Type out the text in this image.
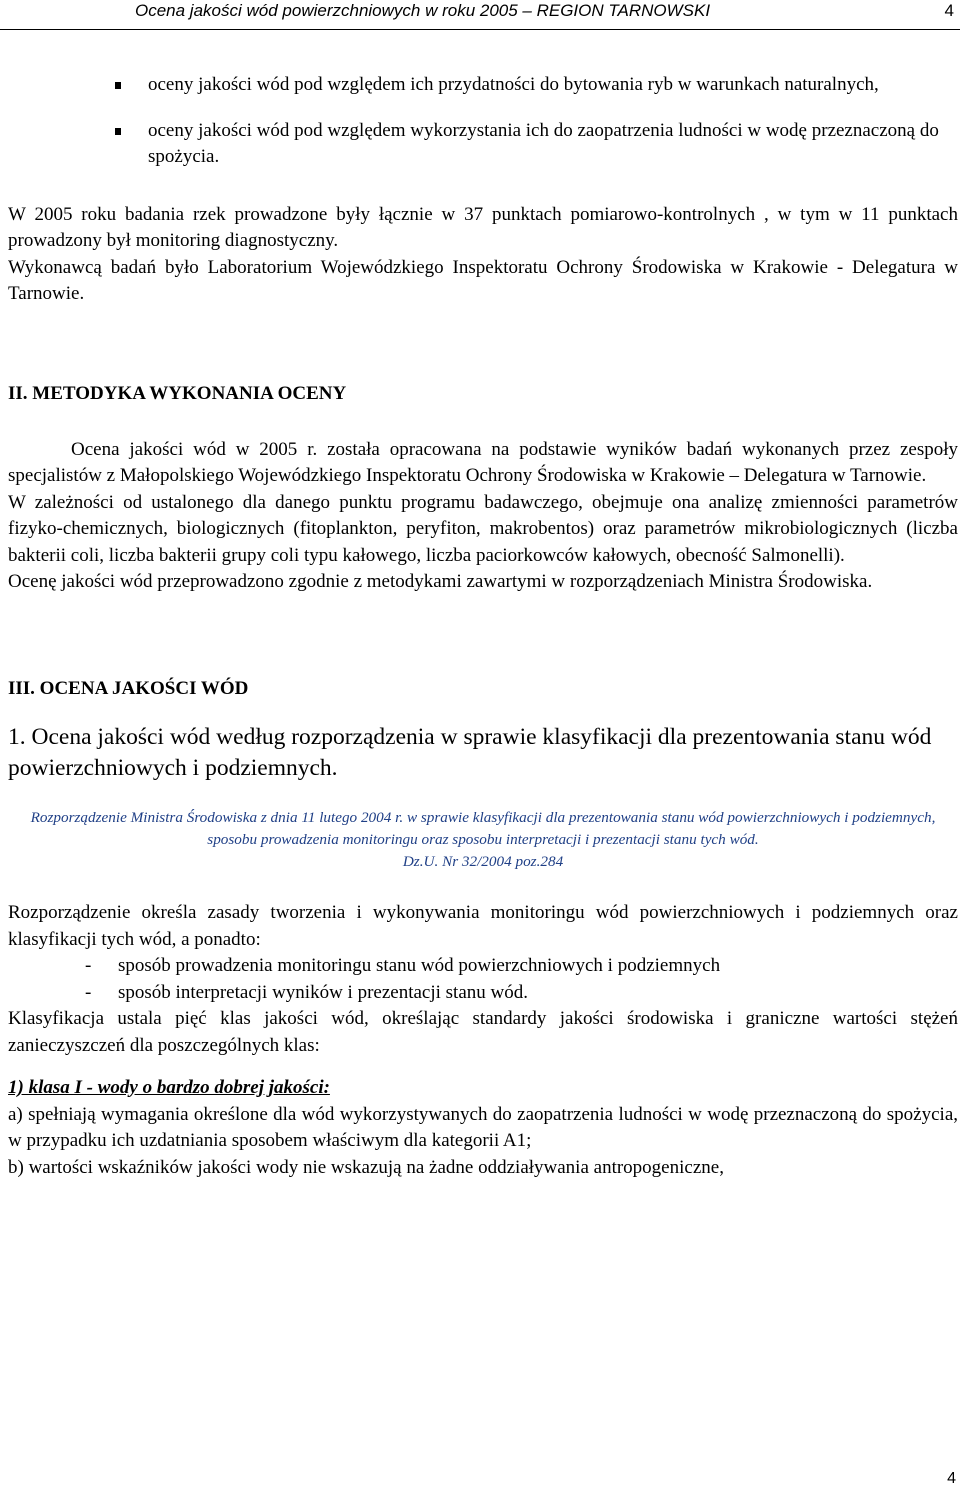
Ocena jakości wód powierzchniowych w roku 2005 – REGION TARNOWSKI	4
oceny jakości wód pod względem ich przydatności do bytowania ryb w warunkach naturalnych,
oceny jakości wód pod względem wykorzystania ich do zaopatrzenia ludności w wodę przeznaczoną do spożycia.

W 2005 roku badania rzek prowadzone były łącznie w 37 punktach pomiarowo-kontrolnych , w tym w 11 punktach prowadzony był monitoring diagnostyczny.

Wykonawcą badań było Laboratorium Wojewódzkiego Inspektoratu Ochrony Środowiska w Krakowie - Delegatura w Tarnowie.

II. METODYKA WYKONANIA OCENY

Ocena jakości wód w 2005 r. została opracowana na podstawie wyników badań wykonanych przez zespoły specjalistów z Małopolskiego Wojewódzkiego Inspektoratu Ochrony Środowiska w Krakowie – Delegatura w Tarnowie.

W zależności od ustalonego dla danego punktu programu badawczego, obejmuje ona analizę zmienności parametrów fizyko-chemicznych, biologicznych (fitoplankton, peryfiton, makrobentos) oraz parametrów mikrobiologicznych (liczba bakterii coli, liczba bakterii grupy coli typu kałowego, liczba paciorkowców kałowych, obecność Salmonelli).

Ocenę jakości wód przeprowadzono zgodnie z metodykami zawartymi w rozporządzeniach Ministra Środowiska.

III. OCENA JAKOŚCI WÓD
1. Ocena jakości wód według rozporządzenia w sprawie klasyfikacji dla prezentowania stanu wód powierzchniowych i podziemnych.
Rozporządzenie Ministra Środowiska z dnia 11 lutego 2004 r. w sprawie klasyfikacji dla prezentowania stanu wód powierzchniowych i podziemnych, sposobu prowadzenia monitoringu oraz sposobu interpretacji i prezentacji stanu tych wód.
Dz.U. Nr 32/2004 poz.284

Rozporządzenie określa zasady tworzenia i wykonywania monitoringu wód powierzchniowych i podziemnych oraz klasyfikacji tych wód, a ponadto:

- sposób prowadzenia monitoringu stanu wód powierzchniowych i podziemnych
- sposób interpretacji wyników i prezentacji stanu wód.

Klasyfikacja ustala pięć klas jakości wód, określając standardy jakości środowiska i graniczne wartości stężeń zanieczyszczeń dla poszczególnych klas:

1) klasa I - wody o bardzo dobrej jakości:

a) spełniają wymagania określone dla wód wykorzystywanych do zaopatrzenia ludności w wodę przeznaczoną do spożycia, w przypadku ich uzdatniania sposobem właściwym dla kategorii A1;

b) wartości wskaźników jakości wody nie wskazują na żadne oddziaływania antropogeniczne,

4
